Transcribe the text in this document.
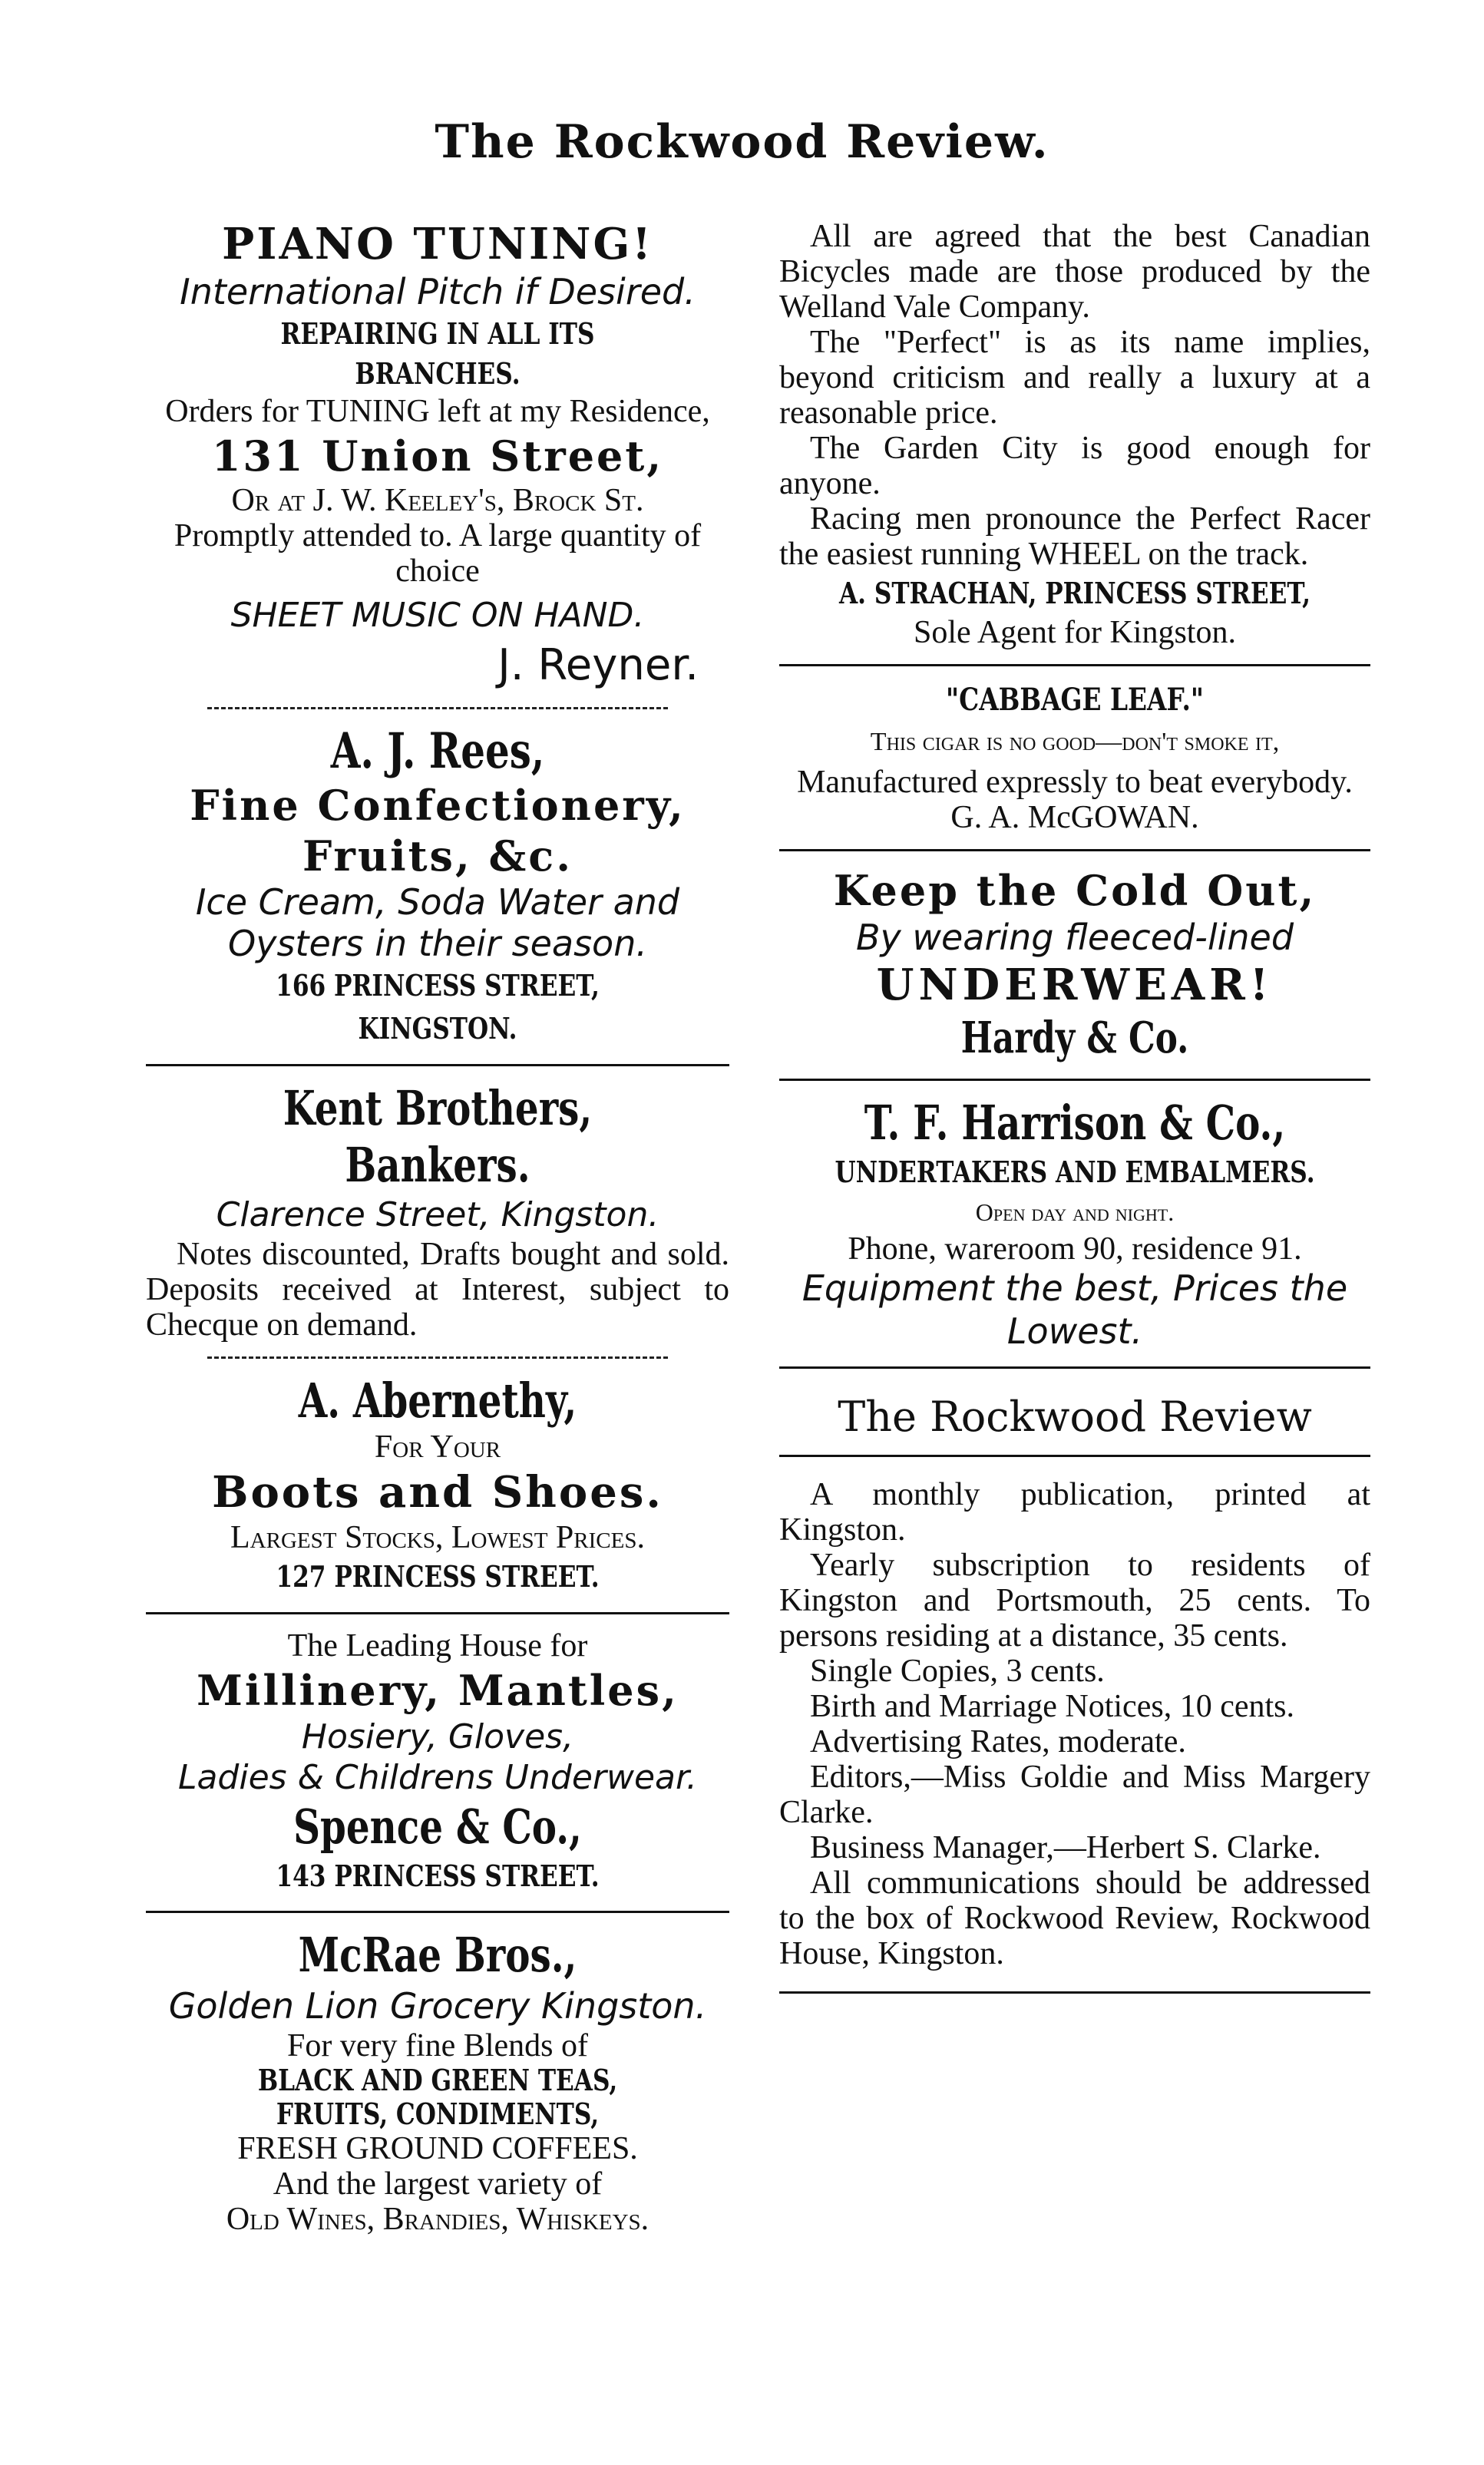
The Rockwood Review.

PIANO TUNING!

International Pitch if Desired.

REPAIRING IN ALL ITS BRANCHES.

Orders for TUNING left at my Residence,

131 Union Street,

Or at J. W. Keeley's, Brock St.

Promptly attended to. A large quantity of choice

SHEET MUSIC ON HAND.

J. Reyner.

A. J. Rees,

Fine Confectionery,

Fruits, &c.

Ice Cream, Soda Water and Oysters in their season.

166 PRINCESS STREET, KINGSTON.

Kent Brothers, Bankers.

Clarence Street, Kingston.

Notes discounted, Drafts bought and sold. Deposits received at Interest, subject to Checque on demand.

A. Abernethy,

For Your

Boots and Shoes.

Largest Stocks, Lowest Prices.

127 PRINCESS STREET.

The Leading House for

Millinery, Mantles,

Hosiery, Gloves,

Ladies & Childrens Underwear.

Spence & Co.,

143 PRINCESS STREET.

McRae Bros.,

Golden Lion Grocery Kingston.

For very fine Blends of

BLACK AND GREEN TEAS, FRUITS, CONDIMENTS,

FRESH GROUND COFFEES.

And the largest variety of

Old Wines, Brandies, Whiskeys.

All are agreed that the best Canadian Bicycles made are those produced by the Welland Vale Company.

The "Perfect" is as its name implies, beyond criticism and really a luxury at a reasonable price.

The Garden City is good enough for anyone.

Racing men pronounce the Perfect Racer the easiest running WHEEL on the track.

A. STRACHAN, PRINCESS STREET,

Sole Agent for Kingston.

"CABBAGE LEAF."

This cigar is no good—don't smoke it,

Manufactured expressly to beat everybody.

G. A. McGOWAN.

Keep the Cold Out,

By wearing fleeced-lined

UNDERWEAR!

Hardy & Co.

T. F. Harrison & Co.,

UNDERTAKERS AND EMBALMERS.

Open day and night.

Phone, wareroom 90, residence 91.

Equipment the best, Prices the Lowest.

The Rockwood Review

A monthly publication, printed at Kingston.

Yearly subscription to residents of Kingston and Portsmouth, 25 cents. To persons residing at a distance, 35 cents.

Single Copies, 3 cents.

Birth and Marriage Notices, 10 cents.

Advertising Rates, moderate.

Editors,—Miss Goldie and Miss Margery Clarke.

Business Manager,—Herbert S. Clarke.

All communications should be addressed to the box of Rockwood Review, Rockwood House, Kingston.
